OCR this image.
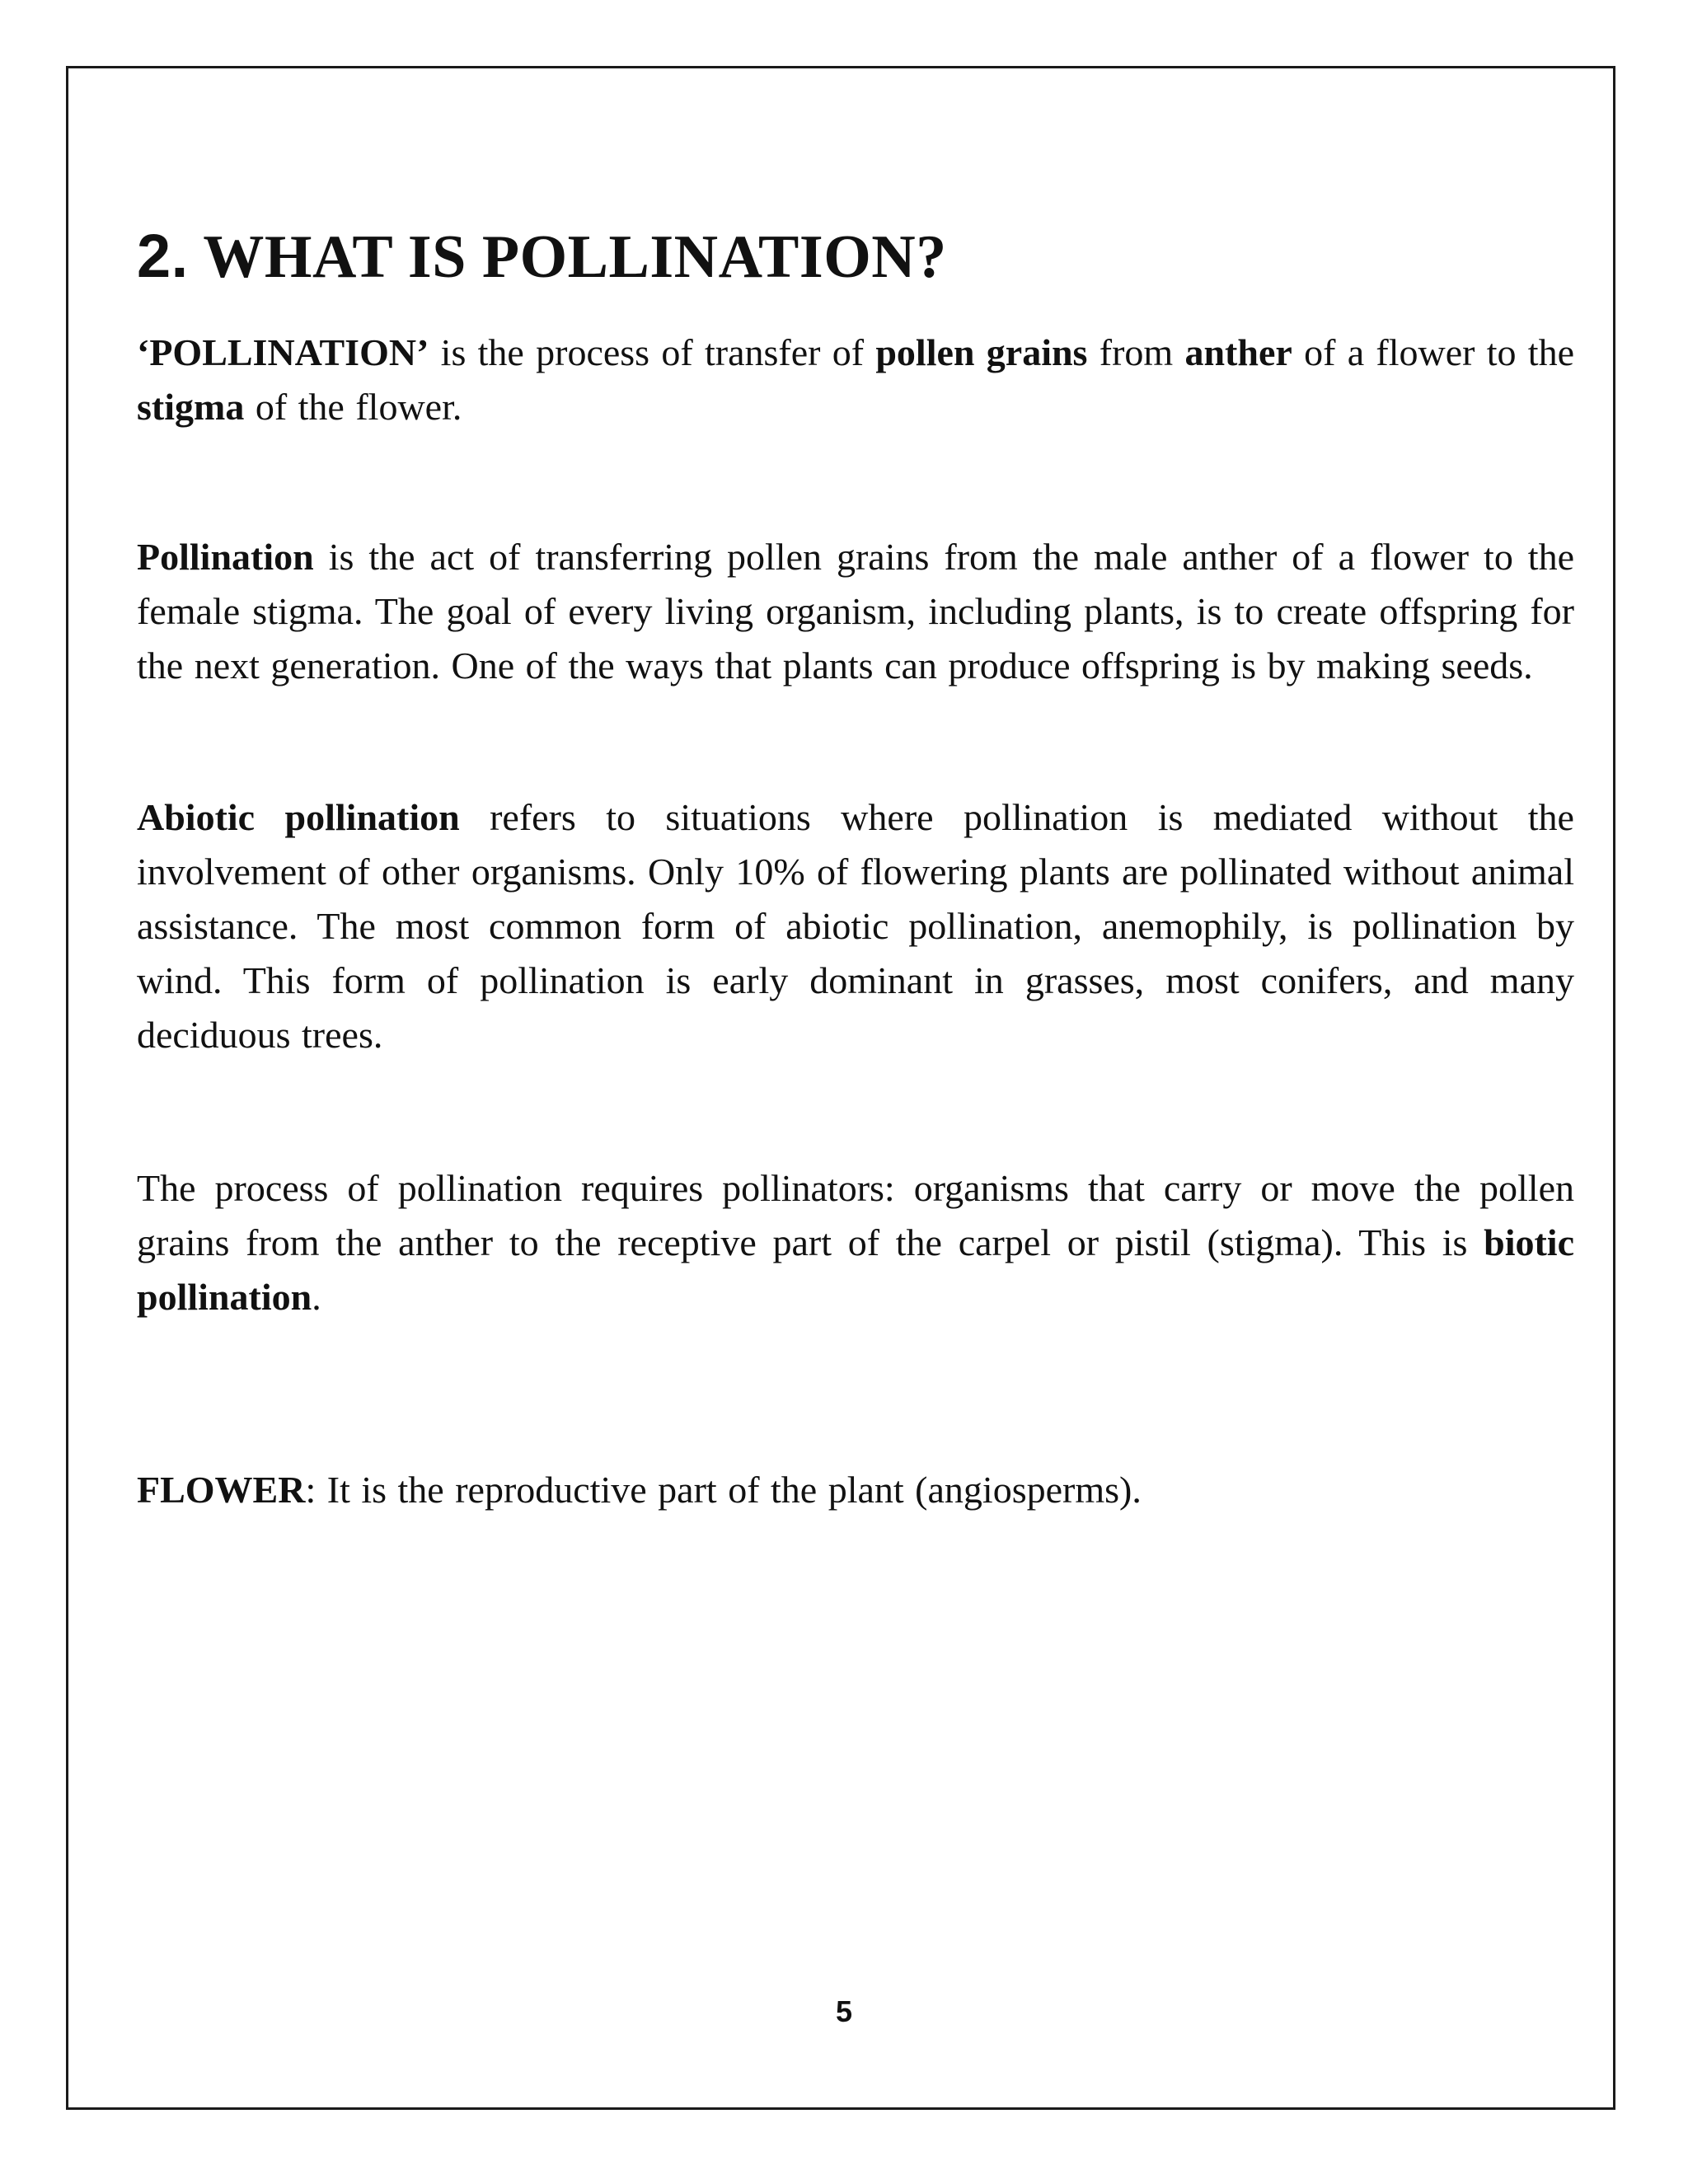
2. WHAT IS POLLINATION?

‘POLLINATION’ is the process of transfer of pollen grains from anther of a flower to the stigma of the flower.

Pollination is the act of transferring pollen grains from the male anther of a flower to the female stigma. The goal of every living organism, including plants, is to create offspring for the next generation. One of the ways that plants can produce offspring is by making seeds.

Abiotic pollination refers to situations where pollination is mediated without the involvement of other organisms. Only 10% of flowering plants are pollinated without animal assistance. The most common form of abiotic pollination, anemophily, is pollination by wind. This form of pollination is early dominant in grasses, most conifers, and many deciduous trees.

The process of pollination requires pollinators: organisms that carry or move the pollen grains from the anther to the receptive part of the carpel or pistil (stigma). This is biotic pollination.

FLOWER: It is the reproductive part of the plant (angiosperms).

5
